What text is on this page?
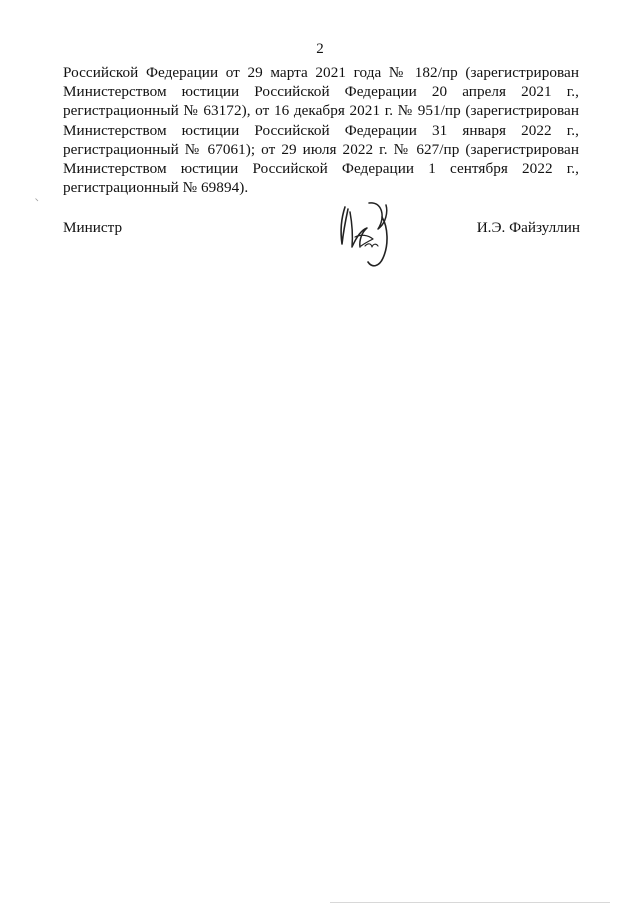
2

Российской Федерации от 29 марта 2021 года № 182/пр (зарегистрирован Министерством юстиции Российской Федерации 20 апреля 2021 г., регистрационный № 63172), от 16 декабря 2021 г. № 951/пр (зарегистрирован Министерством юстиции Российской Федерации 31 января 2022 г., регистрационный № 67061); от 29 июля 2022 г. № 627/пр (зарегистрирован Министерством юстиции Российской Федерации 1 сентября 2022 г., регистрационный № 69894).

Министр	И.Э. Файзуллин
